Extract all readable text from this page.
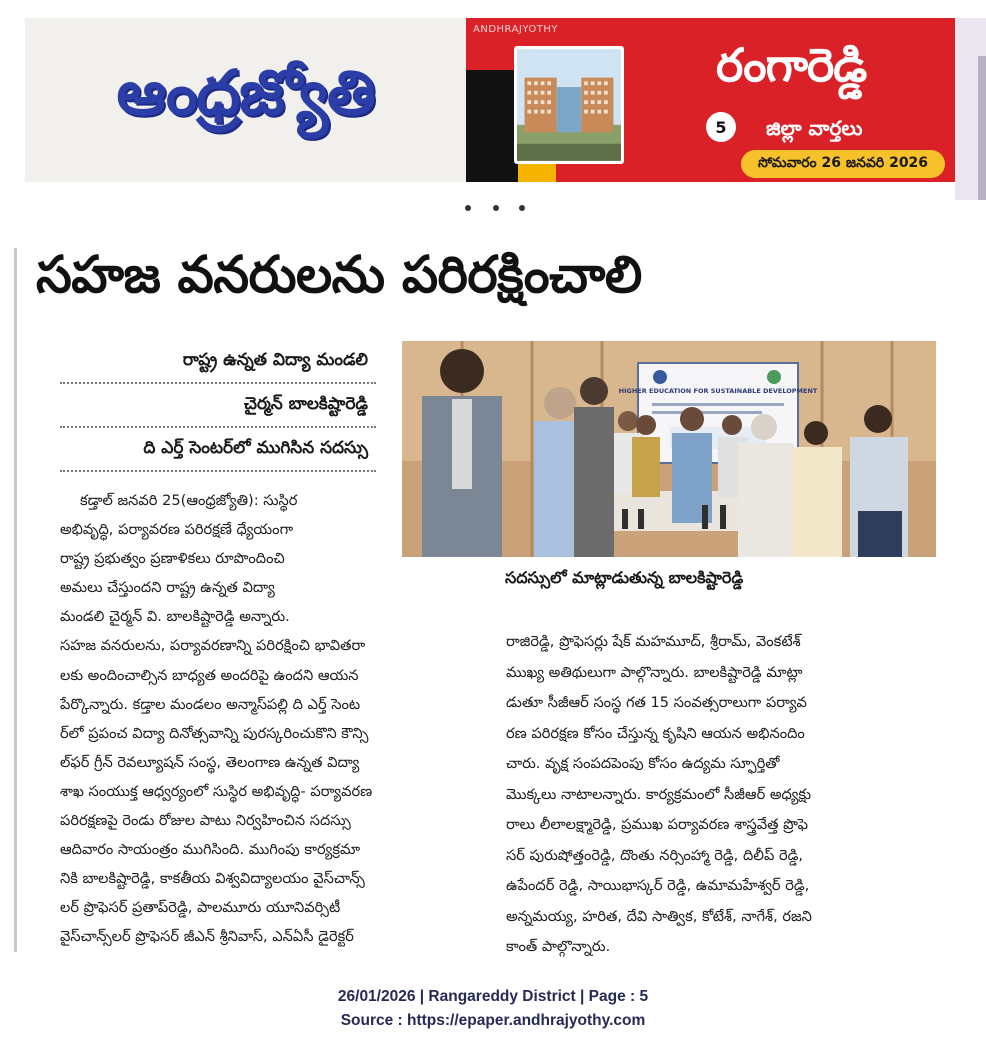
ఆంధ్రజ్యోతి
ANDHRAJYOTHY
రంగారెడ్డి
5	జిల్లా వార్తలు
సోమవారం 26 జనవరి 2026
సహజ వనరులను పరిరక్షించాలి
రాష్ట్ర ఉన్నత విద్యా మండలి
చైర్మన్ బాలకిష్టారెడ్డి
ది ఎర్త్ సెంటర్‌లో ముగిసిన సదస్సు
HIGHER EDUCATION FOR SUSTAINABLE DEVELOPMENT
సదస్సులో మాట్లాడుతున్న బాలకిష్టారెడ్డి
కడ్తాల్ జనవరి 25(ఆంధ్రజ్యోతి): సుస్థిర
అభివృద్ధి, పర్యావరణ పరిరక్షణే ధ్యేయంగా
రాష్ట్ర ప్రభుత్వం ప్రణాళికలు రూపొందించి
అమలు చేస్తుందని రాష్ట్ర ఉన్నత విద్యా
మండలి చైర్మన్ వి. బాలకిష్టారెడ్డి అన్నారు.
సహజ వనరులను, పర్యావరణాన్ని పరిరక్షించి భావితరా
లకు అందించాల్సిన బాధ్యత అందరిపై ఉందని ఆయన
పేర్కొన్నారు. కడ్తాల మండలం అన్మాస్‌పల్లి ది ఎర్త్ సెంట
ర్‌లో ప్రపంచ విద్యా దినోత్సవాన్ని పురస్కరించుకొని కౌన్సి
ల్‌ఫర్ గ్రీన్ రెవల్యూషన్ సంస్థ, తెలంగాణ ఉన్నత విద్యా
శాఖ సంయుక్త ఆధ్వర్యంలో సుస్థిర అభివృద్ధి- పర్యావరణ
పరిరక్షణపై రెండు రోజుల పాటు నిర్వహించిన సదస్సు
ఆదివారం సాయంత్రం ముగిసింది. ముగింపు కార్యక్రమా
నికి బాలకిష్టారెడ్డి, కాకతీయ విశ్వవిద్యాలయం వైస్‌చాన్స్
లర్ ప్రొఫెసర్ ప్రతాప్‌రెడ్డి, పాలమూరు యూనివర్సిటీ
వైస్‌చాన్స్‌లర్ ప్రొఫెసర్ జీఎన్ శ్రీనివాస్, ఎన్‌ఏసీ డైరెక్టర్
రాజిరెడ్డి, ప్రొఫెసర్లు షేక్ మహమూద్, శ్రీరామ్, వెంకటేశ్
ముఖ్య అతిథులుగా పాల్గొన్నారు. బాలకిష్టారెడ్డి మాట్లా
డుతూ సీజీఆర్ సంస్థ గత 15 సంవత్సరాలుగా పర్యావ
రణ పరిరక్షణ కోసం చేస్తున్న కృషిని ఆయన అభినందిం
చారు. వృక్ష సంపదపెంపు కోసం ఉద్యమ స్ఫూర్తితో
మొక్కలు నాటాలన్నారు. కార్యక్రమంలో సీజీఆర్ అధ్యక్షు
రాలు లీలాలక్ష్మారెడ్డి, ప్రముఖ పర్యావరణ శాస్త్రవేత్త ప్రొఫె
సర్ పురుషోత్తంరెడ్డి, దొంతు నర్సింహ్మా రెడ్డి, దిలీప్ రెడ్డి,
ఉపేందర్ రెడ్డి, సాయిభాస్కర్ రెడ్డి, ఉమామహేశ్వర్ రెడ్డి,
అన్నమయ్య, హరిత, దేవి సాత్విక, కోటేశ్, నాగేశ్, రజని
కాంత్ పాల్గొన్నారు.
26/01/2026 | Rangareddy District | Page : 5
Source : https://epaper.andhrajyothy.com
